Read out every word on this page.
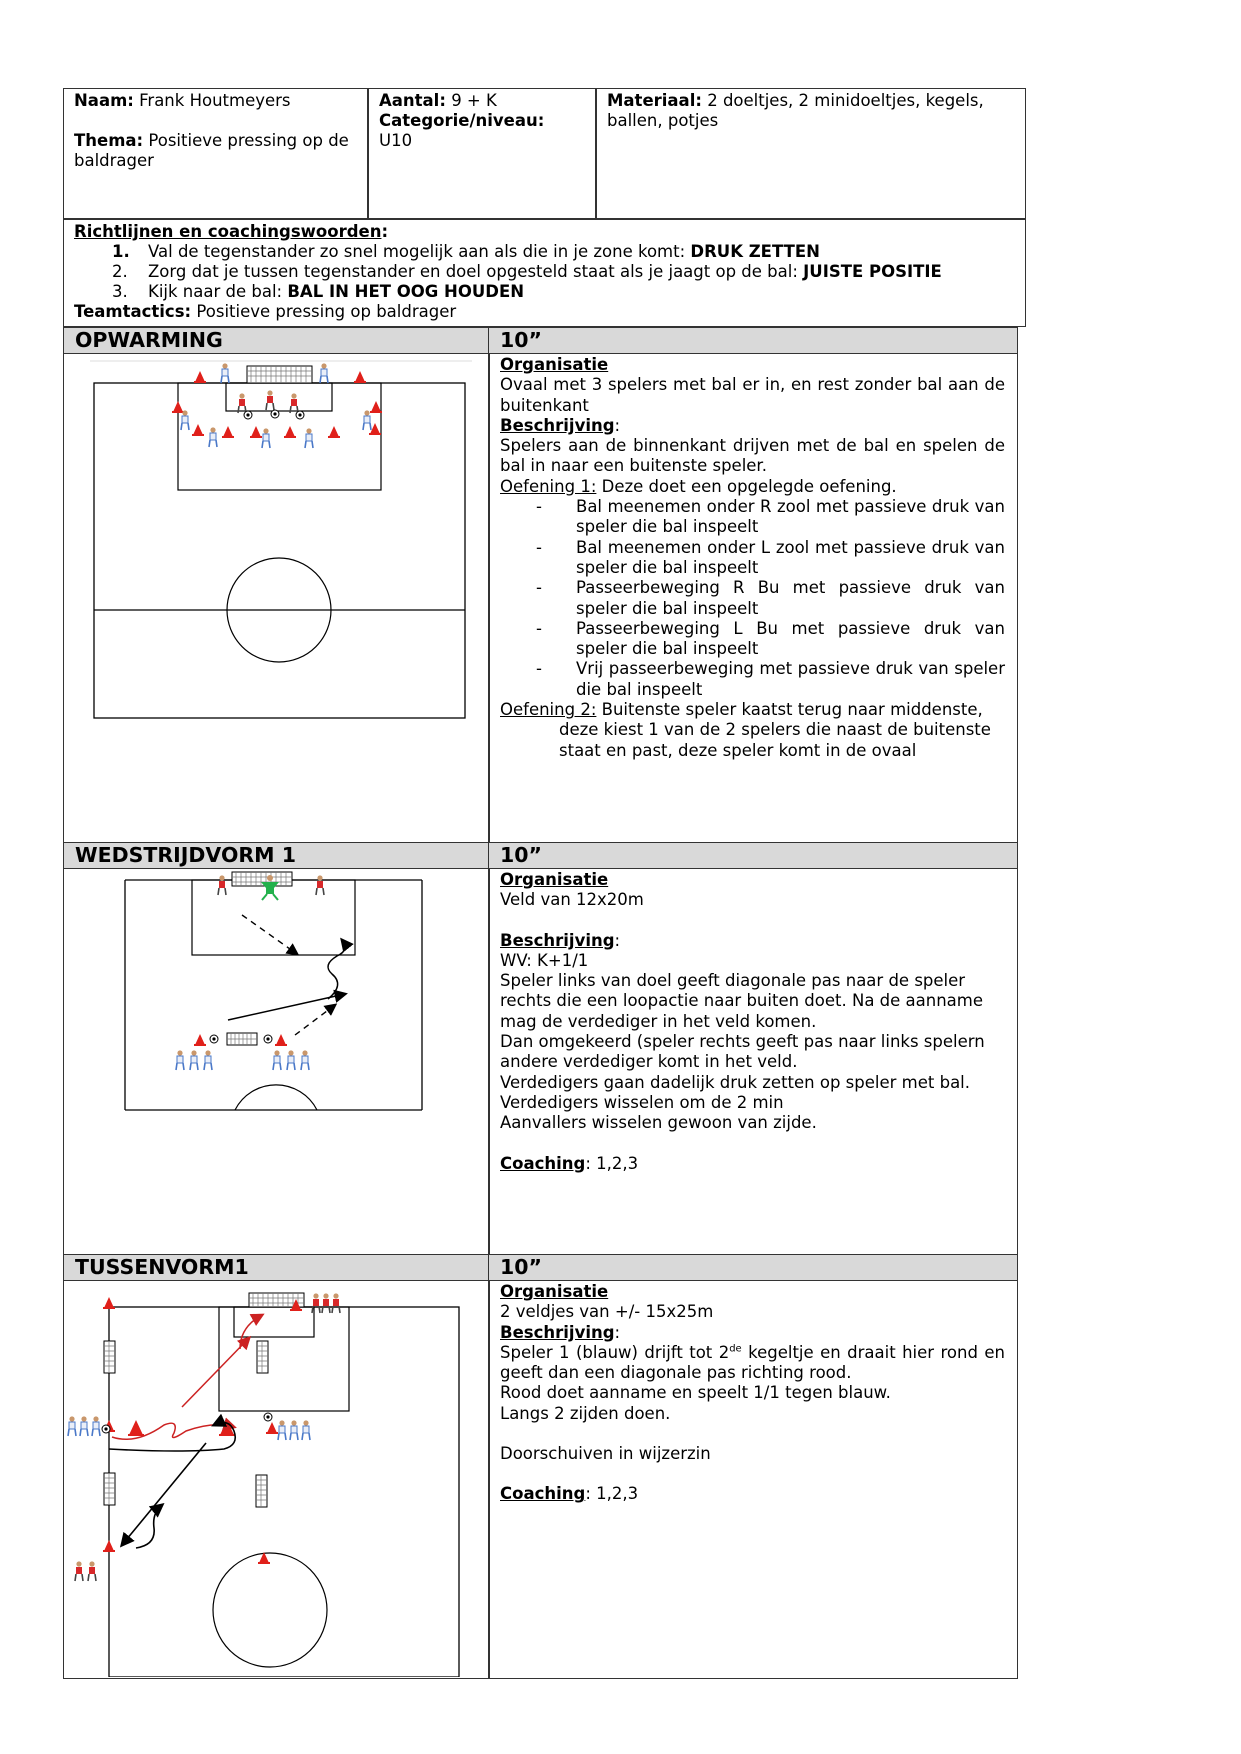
Naam: Frank Houtmeyers
Thema: Positieve pressing op de baldrager
Aantal: 9 + K
Categorie/niveau:
U10
Materiaal: 2 doeltjes, 2 minidoeltjes, kegels, ballen, potjes
Richtlijnen en coachingswoorden:
1. Val de tegenstander zo snel mogelijk aan als die in je zone komt: DRUK ZETTEN
2. Zorg dat je tussen tegenstander en doel opgesteld staat als je jaagt op de bal: JUISTE POSITIE
3. Kijk naar de bal: BAL IN HET OOG HOUDEN
Teamtactics: Positieve pressing op baldrager
OPWARMING	10”

Organisatie

Ovaal met 3 spelers met bal er in, en rest zonder bal aan de buitenkant

Beschrijving:

Spelers aan de binnenkant drijven met de bal en spelen de bal in naar een buitenste speler.

Oefening 1: Deze doet een opgelegde oefening.

-	Bal meenemen onder R zool met passieve druk van speler die bal inspeelt
-	Bal meenemen onder L zool met passieve druk van speler die bal inspeelt
-	Passeerbeweging R Bu met passieve druk van speler die bal inspeelt
-	Passeerbeweging L Bu met passieve druk van speler die bal inspeelt
-	Vrij passeerbeweging met passieve druk van speler die bal inspeelt

Oefening 2: Buitenste speler kaatst terug naar middenste, deze kiest 1 van de 2 spelers die naast de buitenste staat en past, deze speler komt in de ovaal

WEDSTRIJDVORM 1	10”

Organisatie

Veld van 12x20m

Beschrijving:

WV: K+1/1

Speler links van doel geeft diagonale pas naar de speler rechts die een loopactie naar buiten doet. Na de aanname mag de verdediger in het veld komen.

Dan omgekeerd (speler rechts geeft pas naar links spelern andere verdediger komt in het veld.

Verdedigers gaan dadelijk druk zetten op speler met bal.

Verdedigers wisselen om de 2 min

Aanvallers wisselen gewoon van zijde.

Coaching: 1,2,3

TUSSENVORM1	10”

Organisatie

2 veldjes van +/- 15x25m

Beschrijving:

Speler 1 (blauw) drijft tot 2de kegeltje en draait hier rond en geeft dan een diagonale pas richting rood.

Rood doet aanname en speelt 1/1 tegen blauw.

Langs 2 zijden doen.

Doorschuiven in wijzerzin

Coaching: 1,2,3
